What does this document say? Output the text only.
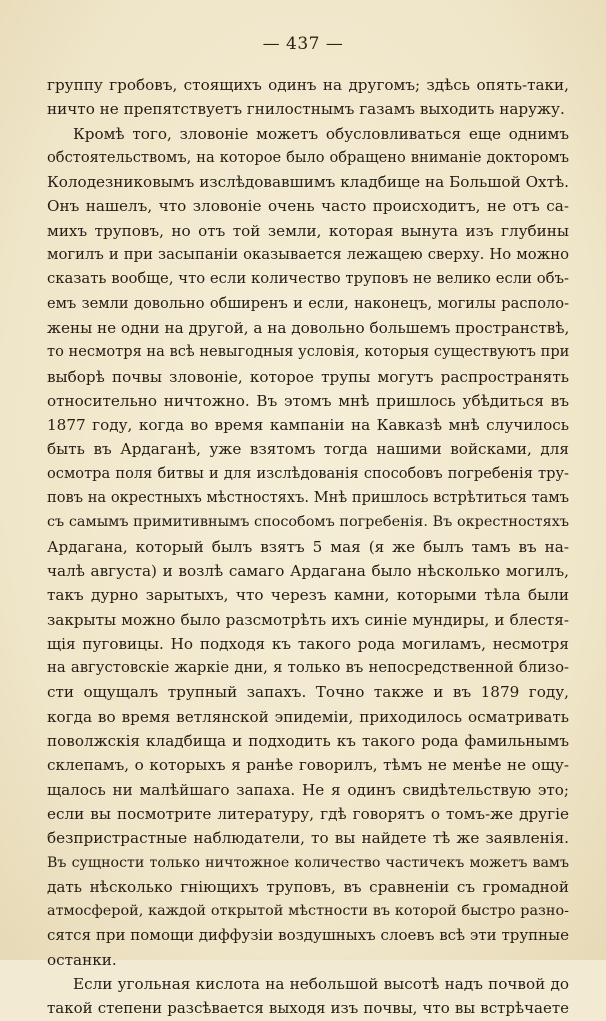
— 437 —
группу гробовъ, стоящихъ одинъ на другомъ; здѣсь опять-таки,
ничто не препятствуетъ гнилостнымъ газамъ выходить наружу.
Кромѣ того, зловоніе можетъ обусловливаться еще однимъ
обстоятельствомъ, на которое было обращено вниманіе докторомъ
Колодезниковымъ изслѣдовавшимъ кладбище на Большой Охтѣ.
Онъ нашелъ, что зловоніе очень часто происходитъ, не отъ са-
михъ труповъ, но отъ той земли, которая вынута изъ глубины
могилъ и при засыпаніи оказывается лежащею сверху. Но можно
сказать вообще, что если количество труповъ не велико если объ-
емъ земли довольно обширенъ и если, наконецъ, могилы располо-
жены не одни на другой, а на довольно большемъ пространствѣ,
то несмотря на всѣ невыгодныя условія, которыя существуютъ при
выборѣ почвы зловоніе, которое трупы могутъ распространять
относительно ничтожно. Въ этомъ мнѣ пришлось убѣдиться въ
1877 году, когда во время кампаніи на Кавказѣ мнѣ случилось
быть въ Ардаганѣ, уже взятомъ тогда нашими войсками, для
осмотра поля битвы и для изслѣдованія способовъ погребенія тру-
повъ на окрестныхъ мѣстностяхъ. Мнѣ пришлось встрѣтиться тамъ
съ самымъ примитивнымъ способомъ погребенія. Въ окрестностяхъ
Ардагана, который былъ взятъ 5 мая (я же былъ тамъ въ на-
чалѣ августа) и возлѣ самаго Ардагана было нѣсколько могилъ,
такъ дурно зарытыхъ, что черезъ камни, которыми тѣла были
закрыты можно было разсмотрѣть ихъ синіе мундиры, и блестя-
щія пуговицы. Но подходя къ такого рода могиламъ, несмотря
на августовскіе жаркіе дни, я только въ непосредственной близо-
сти ощущалъ трупный запахъ. Точно также и въ 1879 году,
когда во время ветлянской эпидеміи, приходилось осматривать
поволжскія кладбища и подходить къ такого рода фамильнымъ
склепамъ, о которыхъ я ранѣе говорилъ, тѣмъ не менѣе не ощу-
щалось ни малѣйшаго запаха. Не я одинъ свидѣтельствую это;
если вы посмотрите литературу, гдѣ говорятъ о томъ-же другіе
безпристрастные наблюдатели, то вы найдете тѣ же заявленія.
Въ сущности только ничтожное количество частичекъ можетъ вамъ
дать нѣсколько гніющихъ труповъ, въ сравненіи съ громадной
атмосферой, каждой открытой мѣстности въ которой быстро разно-
сятся при помощи диффузіи воздушныхъ слоевъ всѣ эти трупные
останки.
Если угольная кислота на небольшой высотѣ надъ почвой до
такой степени разсѣвается выходя изъ почвы, что вы встрѣчаете
